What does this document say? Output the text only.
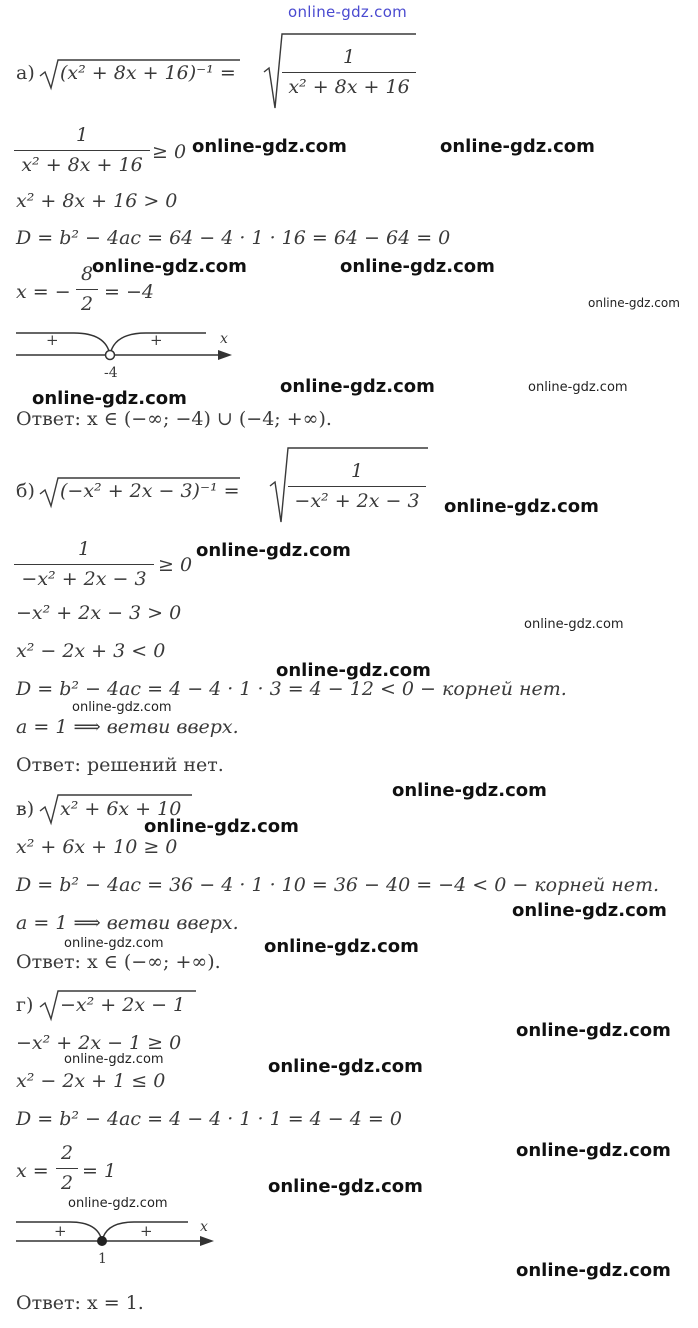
online-gdz.com
а) (x² + 8x + 16)⁻¹ =
1
x² + 8x + 16
1
x² + 8x + 16
≥ 0
x² + 8x + 16 > 0
D = b² − 4ac = 64 − 4 · 1 · 16 = 64 − 64 = 0
x = −
8
2
= −4
+	+	x
-4
Ответ: x ∈ (−∞; −4) ∪ (−4; +∞).
б) (−x² + 2x − 3)⁻¹ =
1
−x² + 2x − 3
1
−x² + 2x − 3
≥ 0
−x² + 2x − 3 > 0
x² − 2x + 3 < 0
D = b² − 4ac = 4 − 4 · 1 · 3 = 4 − 12 < 0 − корней нет.
a = 1 ⟹ ветви вверх.
Ответ: решений нет.
в) x² + 6x + 10
x² + 6x + 10 ≥ 0
D = b² − 4ac = 36 − 4 · 1 · 10 = 36 − 40 = −4 < 0 − корней нет.
a = 1 ⟹ ветви вверх.
Ответ: x ∈ (−∞; +∞).
г) −x² + 2x − 1
−x² + 2x − 1 ≥ 0
x² − 2x + 1 ≤ 0
D = b² − 4ac = 4 − 4 · 1 · 1 = 4 − 4 = 0
x =
2
2
= 1
+	+	x
1
Ответ: x = 1.
online-gdz.com	online-gdz.com
online-gdz.com	online-gdz.com
online-gdz.com
online-gdz.com
online-gdz.com	online-gdz.com
online-gdz.com
online-gdz.com
online-gdz.com
online-gdz.com
online-gdz.com
online-gdz.com
online-gdz.com
online-gdz.com
online-gdz.com	online-gdz.com
online-gdz.com
online-gdz.com	online-gdz.com
online-gdz.com
online-gdz.com
online-gdz.com
online-gdz.com
